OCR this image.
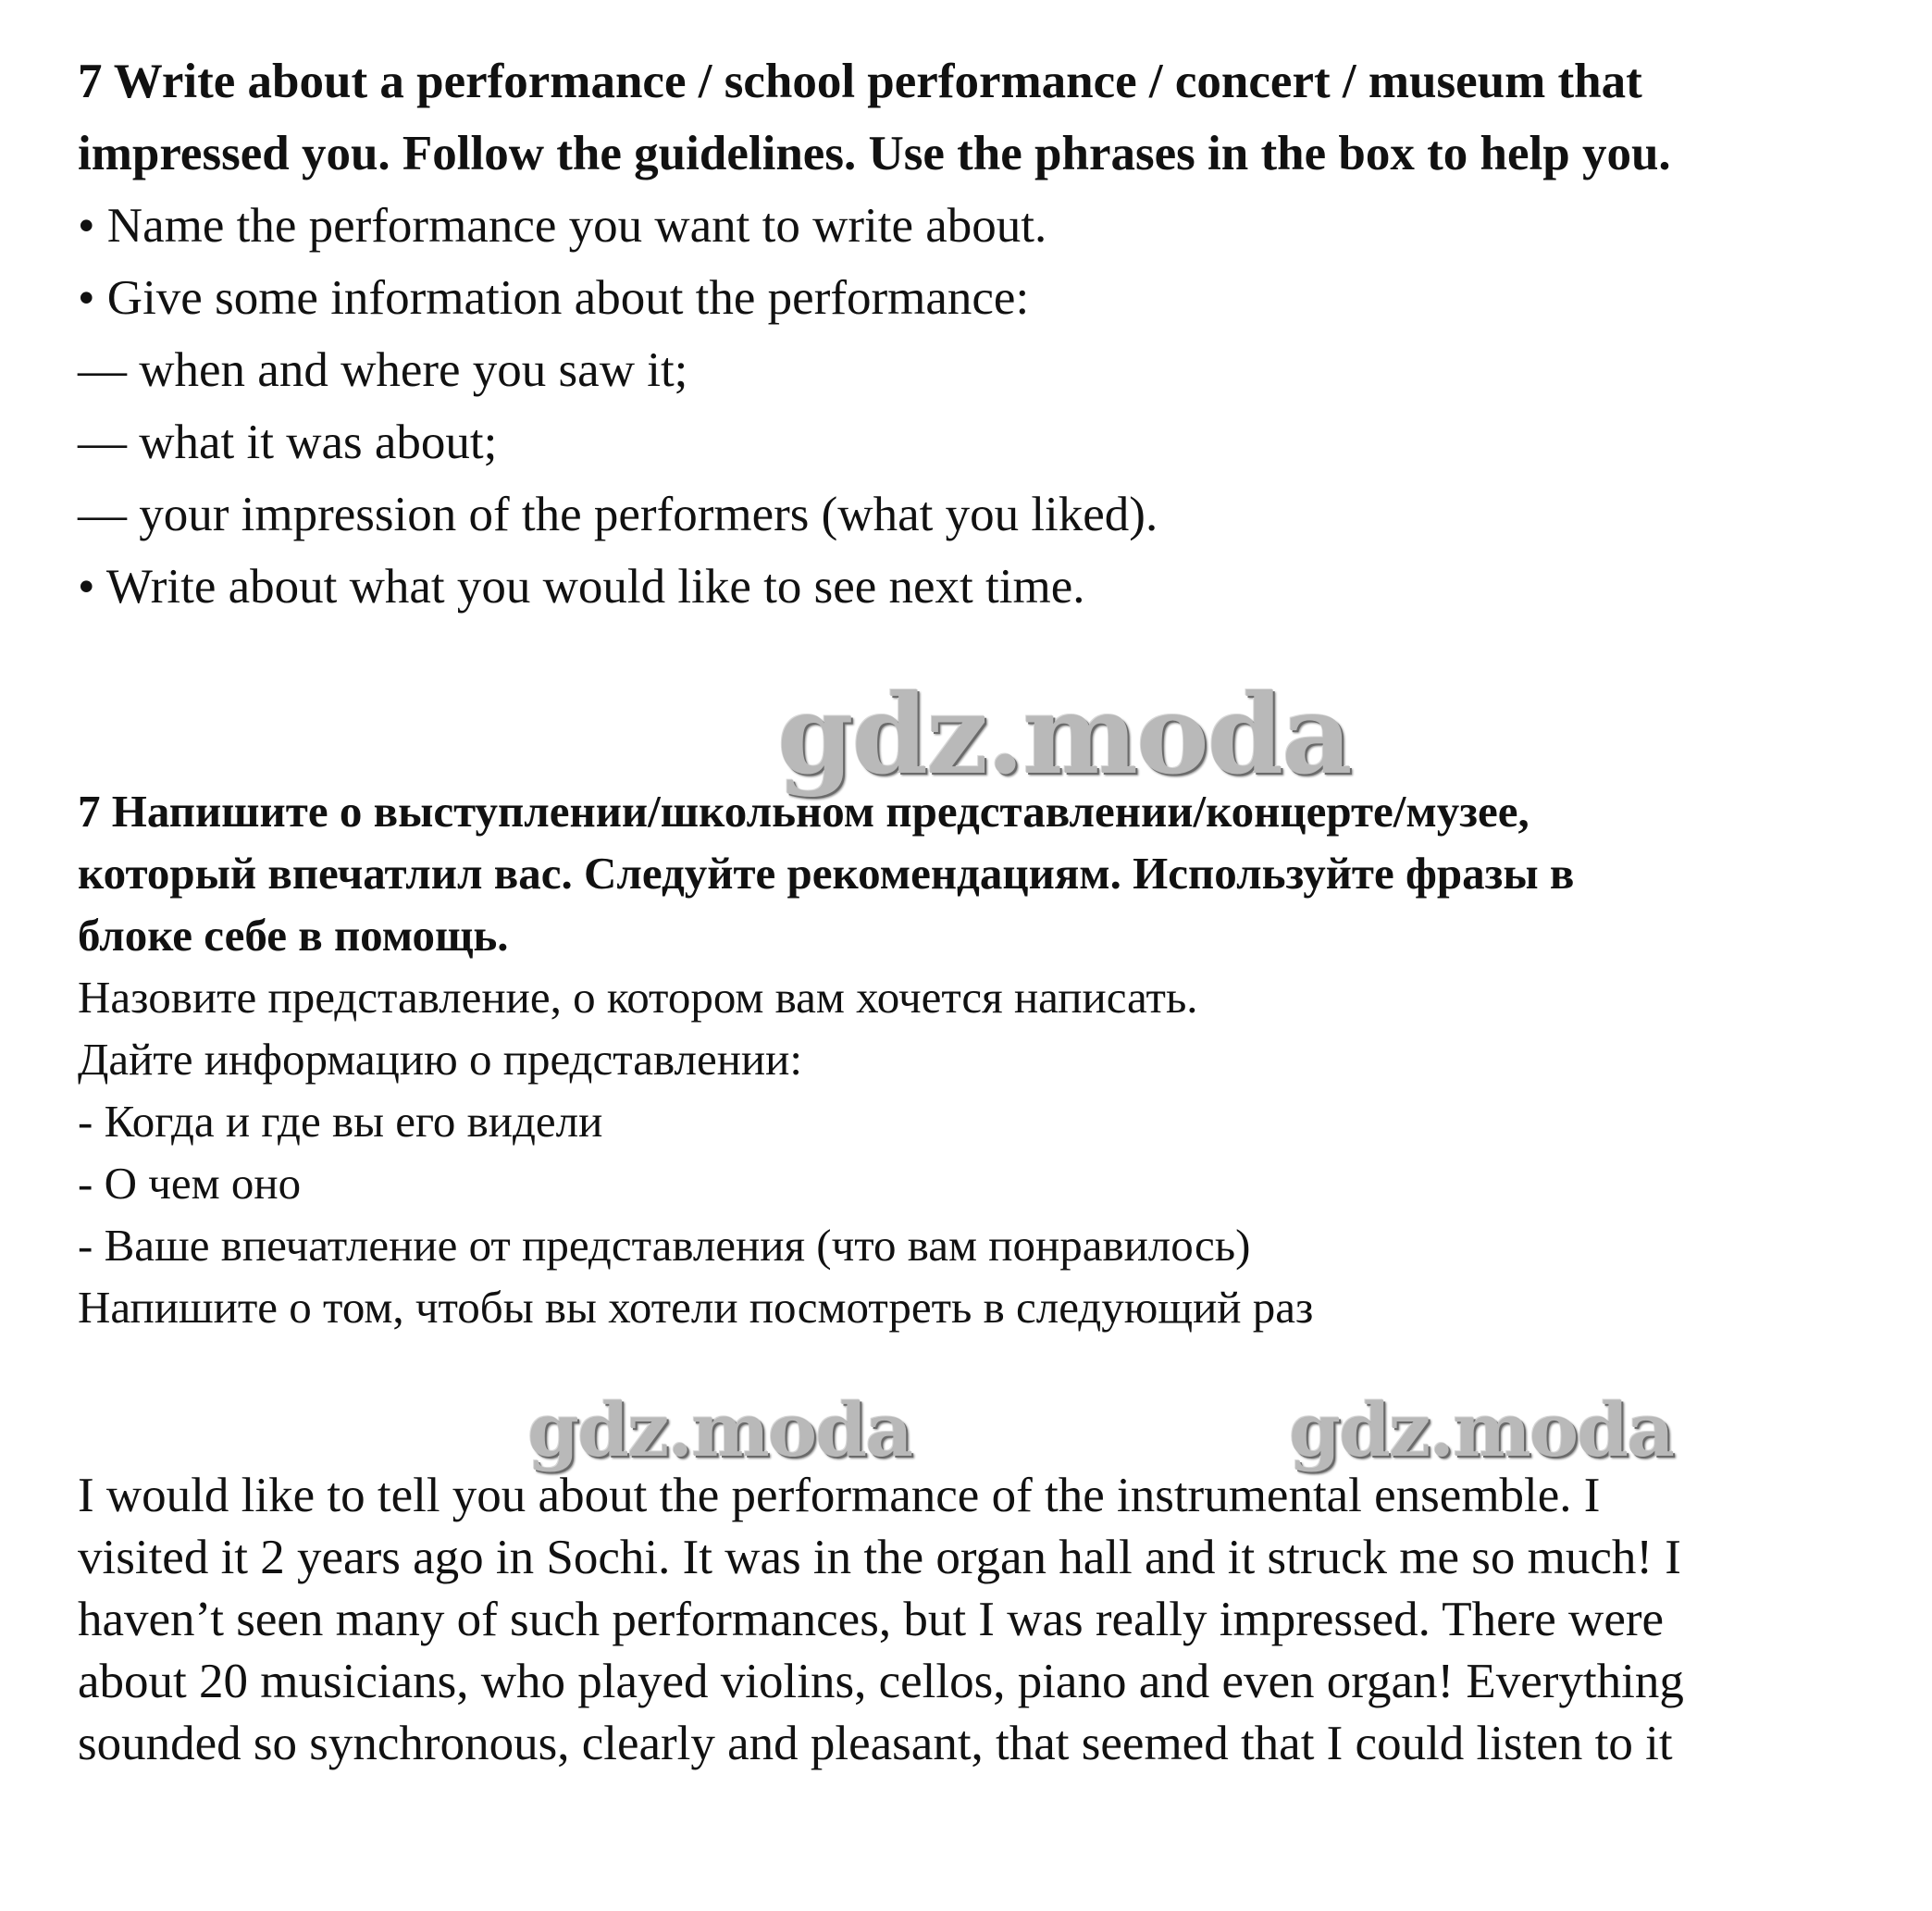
7 Write about a performance / school performance / concert / museum that
impressed you. Follow the guidelines. Use the phrases in the box to help you.
• Name the performance you want to write about.
• Give some information about the performance:
— when and where you saw it;
— what it was about;
— your impression of the performers (what you liked).
• Write about what you would like to see next time.
gdz.moda
7 Напишите о выступлении/школьном представлении/концерте/музее,
который впечатлил вас. Следуйте рекомендациям. Используйте фразы в
блоке себе в помощь.
Назовите представление, о котором вам хочется написать.
Дайте информацию о представлении:
- Когда и где вы его видели
- О чем оно
- Ваше впечатление от представления (что вам понравилось)
Напишите о том, чтобы вы хотели посмотреть в следующий раз
gdz.moda	gdz.moda
I would like to tell you about the performance of the instrumental ensemble. I
visited it 2 years ago in Sochi. It was in the organ hall and it struck me so much! I
haven’t seen many of such performances, but I was really impressed. There were
about 20 musicians, who played violins, cellos, piano and even organ! Everything
sounded so synchronous, clearly and pleasant, that seemed that I could listen to it
